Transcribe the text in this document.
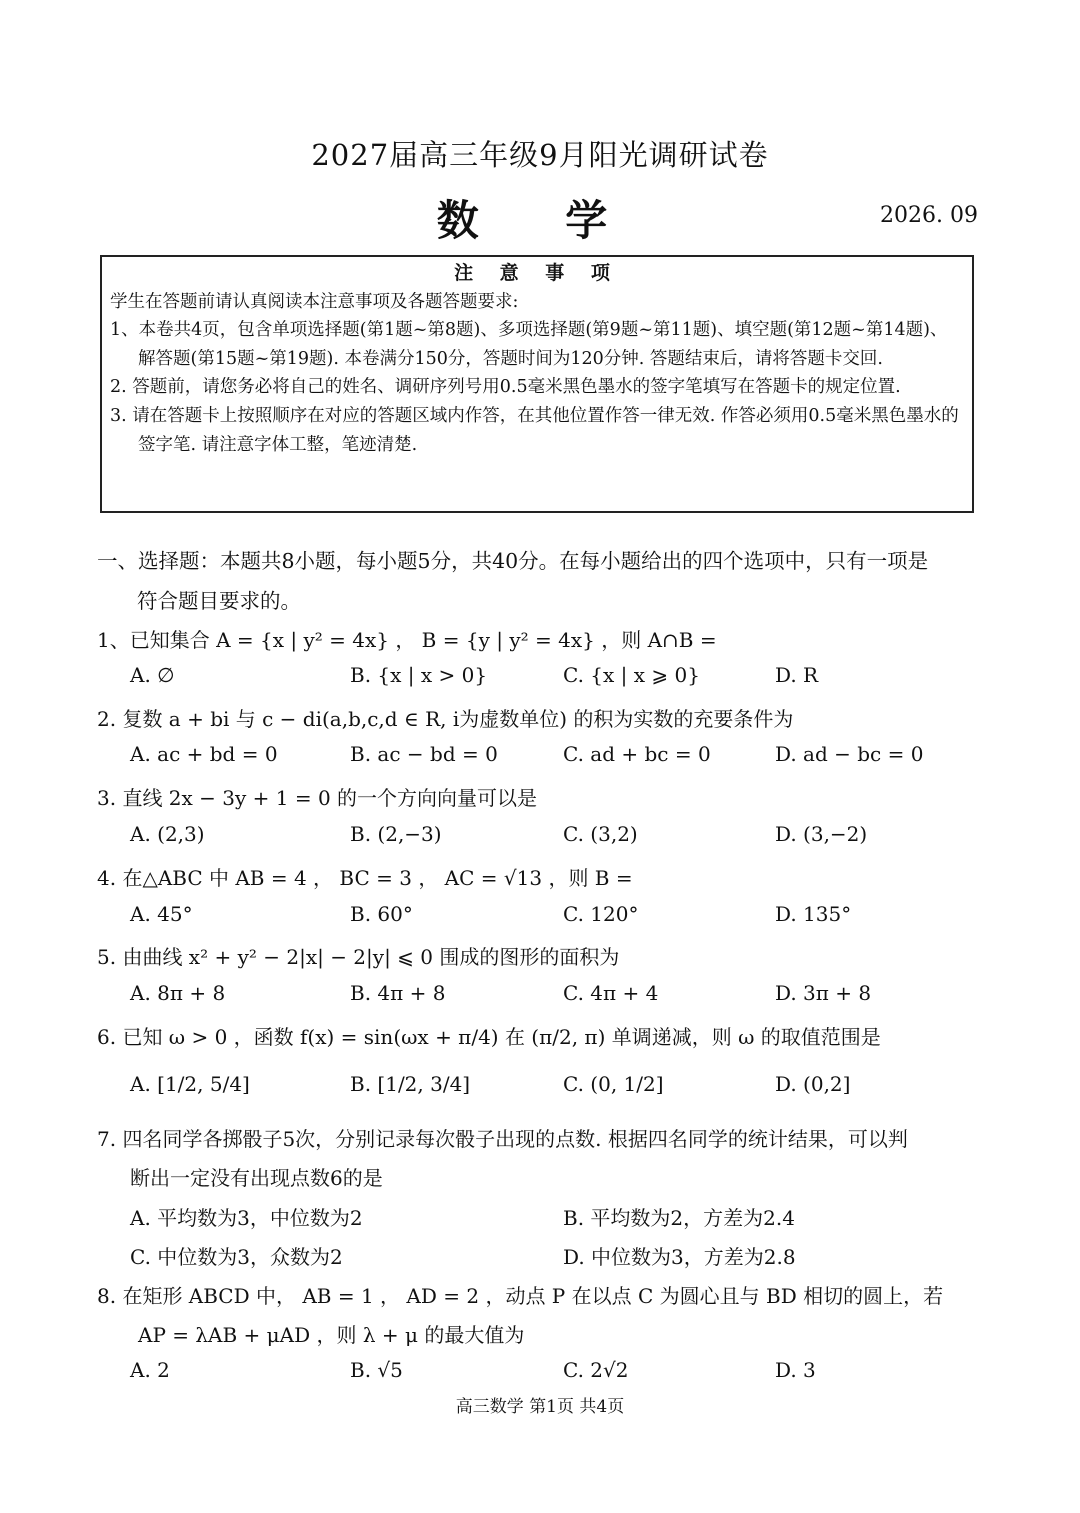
2027届高三年级9月阳光调研试卷
数 学	2026. 09
注 意 事 项

学生在答题前请认真阅读本注意事项及各题答题要求:

1、本卷共4页，包含单项选择题(第1题~第8题)、多项选择题(第9题~第11题)、填空题(第12题~第14题)、解答题(第15题~第19题). 本卷满分150分，答题时间为120分钟. 答题结束后，请将答题卡交回.

2. 答题前，请您务必将自己的姓名、调研序列号用0.5毫米黑色墨水的签字笔填写在答题卡的规定位置.

3. 请在答题卡上按照顺序在对应的答题区域内作答，在其他位置作答一律无效. 作答必须用0.5毫米黑色墨水的签字笔. 请注意字体工整，笔迹清楚.

一、选择题：本题共8小题，每小题5分，共40分。在每小题给出的四个选项中，只有一项是
符合题目要求的。
1、已知集合 A = {x | y² = 4x} ， B = {y | y² = 4x} ，则 A∩B =
A. ∅	B. {x | x > 0}	C. {x | x ⩾ 0}	D. R
2. 复数 a + bi 与 c − di(a,b,c,d ∈ R, i为虚数单位) 的积为实数的充要条件为
A. ac + bd = 0	B. ac − bd = 0	C. ad + bc = 0	D. ad − bc = 0
3. 直线 2x − 3y + 1 = 0 的一个方向向量可以是
A. (2,3)	B. (2,−3)	C. (3,2)	D. (3,−2)
4. 在△ABC 中 AB = 4 ， BC = 3 ， AC = √13 ，则 B =
A. 45°	B. 60°	C. 120°	D. 135°
5. 由曲线 x² + y² − 2|x| − 2|y| ⩽ 0 围成的图形的面积为
A. 8π + 8	B. 4π + 8	C. 4π + 4	D. 3π + 8
6. 已知 ω > 0 ，函数 f(x) = sin(ωx + π/4) 在 (π/2, π) 单调递减，则 ω 的取值范围是
A. [1/2, 5/4]	B. [1/2, 3/4]	C. (0, 1/2]	D. (0,2]
7. 四名同学各掷骰子5次，分别记录每次骰子出现的点数. 根据四名同学的统计结果，可以判
断出一定没有出现点数6的是
A. 平均数为3，中位数为2	B. 平均数为2，方差为2.4
C. 中位数为3，众数为2	D. 中位数为3，方差为2.8
8. 在矩形 ABCD 中， AB = 1 ， AD = 2 ，动点 P 在以点 C 为圆心且与 BD 相切的圆上，若
AP = λAB + μAD ，则 λ + μ 的最大值为
A. 2	B. √5	C. 2√2	D. 3
高三数学 第1页 共4页
